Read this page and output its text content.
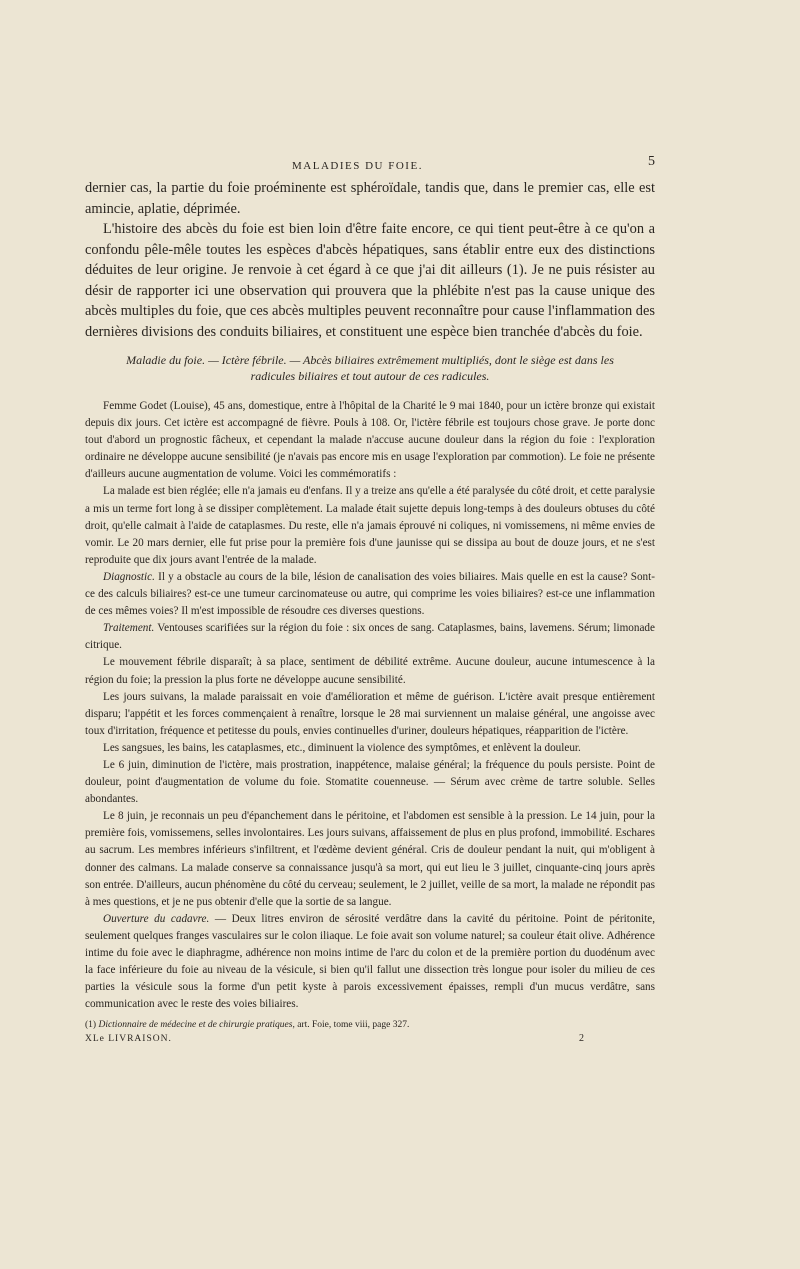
MALADIES DU FOIE.	5

dernier cas, la partie du foie proéminente est sphéroïdale, tandis que, dans le premier cas, elle est amincie, aplatie, déprimée.

L'histoire des abcès du foie est bien loin d'être faite encore, ce qui tient peut-être à ce qu'on a confondu pêle-mêle toutes les espèces d'abcès hépatiques, sans établir entre eux des distinctions déduites de leur origine. Je renvoie à cet égard à ce que j'ai dit ailleurs (1). Je ne puis résister au désir de rapporter ici une observation qui prouvera que la phlébite n'est pas la cause unique des abcès multiples du foie, que ces abcès multiples peuvent reconnaître pour cause l'inflammation des dernières divisions des conduits biliaires, et constituent une espèce bien tranchée d'abcès du foie.

Maladie du foie. — Ictère fébrile. — Abcès biliaires extrêmement multipliés, dont le siège est dans les
radicules biliaires et tout autour de ces radicules.

Femme Godet (Louise), 45 ans, domestique, entre à l'hôpital de la Charité le 9 mai 1840, pour un ictère bronze qui existait depuis dix jours. Cet ictère est accompagné de fièvre. Pouls à 108. Or, l'ictère fébrile est toujours chose grave. Je porte donc tout d'abord un prognostic fâcheux, et cependant la malade n'accuse aucune douleur dans la région du foie : l'exploration ordinaire ne développe aucune sensibilité (je n'avais pas encore mis en usage l'exploration par commotion). Le foie ne présente d'ailleurs aucune augmentation de volume. Voici les commémoratifs :

La malade est bien réglée; elle n'a jamais eu d'enfans. Il y a treize ans qu'elle a été paralysée du côté droit, et cette paralysie a mis un terme fort long à se dissiper complètement. La malade était sujette depuis long-temps à des douleurs obtuses du côté droit, qu'elle calmait à l'aide de cataplasmes. Du reste, elle n'a jamais éprouvé ni coliques, ni vomissemens, ni même envies de vomir. Le 20 mars dernier, elle fut prise pour la première fois d'une jaunisse qui se dissipa au bout de douze jours, et ne s'est reproduite que dix jours avant l'entrée de la malade.

Diagnostic. Il y a obstacle au cours de la bile, lésion de canalisation des voies biliaires. Mais quelle en est la cause? Sont-ce des calculs biliaires? est-ce une tumeur carcinomateuse ou autre, qui comprime les voies biliaires? est-ce une inflammation de ces mêmes voies? Il m'est impossible de résoudre ces diverses questions.

Traitement. Ventouses scarifiées sur la région du foie : six onces de sang. Cataplasmes, bains, lavemens. Sérum; limonade citrique.

Le mouvement fébrile disparaît; à sa place, sentiment de débilité extrême. Aucune douleur, aucune intumescence à la région du foie; la pression la plus forte ne développe aucune sensibilité.

Les jours suivans, la malade paraissait en voie d'amélioration et même de guérison. L'ictère avait presque entièrement disparu; l'appétit et les forces commençaient à renaître, lorsque le 28 mai surviennent un malaise général, une angoisse avec toux d'irritation, fréquence et petitesse du pouls, envies continuelles d'uriner, douleurs hépatiques, réapparition de l'ictère.

Les sangsues, les bains, les cataplasmes, etc., diminuent la violence des symptômes, et enlèvent la douleur.

Le 6 juin, diminution de l'ictère, mais prostration, inappétence, malaise général; la fréquence du pouls persiste. Point de douleur, point d'augmentation de volume du foie. Stomatite couenneuse. — Sérum avec crème de tartre soluble. Selles abondantes.

Le 8 juin, je reconnais un peu d'épanchement dans le péritoine, et l'abdomen est sensible à la pression. Le 14 juin, pour la première fois, vomissemens, selles involontaires. Les jours suivans, affaissement de plus en plus profond, immobilité. Eschares au sacrum. Les membres inférieurs s'infiltrent, et l'œdème devient général. Cris de douleur pendant la nuit, qui m'obligent à donner des calmans. La malade conserve sa connaissance jusqu'à sa mort, qui eut lieu le 3 juillet, cinquante-cinq jours après son entrée. D'ailleurs, aucun phénomène du côté du cerveau; seulement, le 2 juillet, veille de sa mort, la malade ne répondit pas à mes questions, et je ne pus obtenir d'elle que la sortie de sa langue.

Ouverture du cadavre. — Deux litres environ de sérosité verdâtre dans la cavité du péritoine. Point de péritonite, seulement quelques franges vasculaires sur le colon iliaque. Le foie avait son volume naturel; sa couleur était olive. Adhérence intime du foie avec le diaphragme, adhérence non moins intime de l'arc du colon et de la première portion du duodénum avec la face inférieure du foie au niveau de la vésicule, si bien qu'il fallut une dissection très longue pour isoler du milieu de ces parties la vésicule sous la forme d'un petit kyste à parois excessivement épaisses, rempli d'un mucus verdâtre, sans communication avec le reste des voies biliaires.

(1) Dictionnaire de médecine et de chirurgie pratiques, art. Foie, tome viii, page 327.
XLe LIVRAISON.	2
